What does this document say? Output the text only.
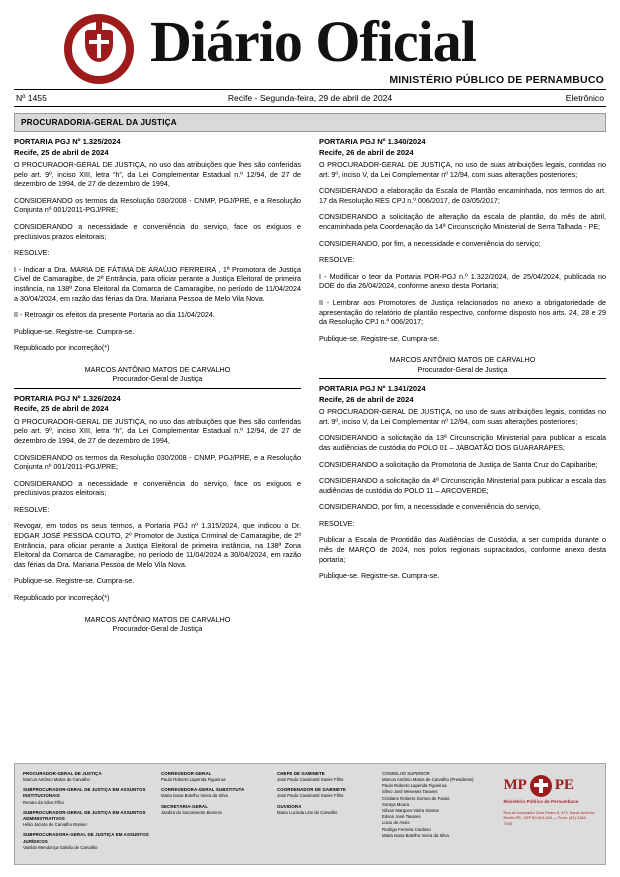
Diário Oficial
MINISTÉRIO PÚBLICO DE PERNAMBUCO
Nº 1455	Recife - Segunda-feira, 29 de abril de 2024	Eletrônico
PROCURADORIA-GERAL DA JUSTIÇA
PORTARIA PGJ Nº 1.325/2024
Recife, 25 de abril de 2024

O PROCURADOR-GERAL DE JUSTIÇA, no uso das atribuições que lhes são conferidas pelo art. 9º, inciso XIII, letra “h”, da Lei Complementar Estadual n.º 12/94, de 27 de dezembro de 1994, de 27 de dezembro de 1994,

CONSIDERANDO os termos da Resolução 030/2008 - CNMP, PGJ/PRE, e a Resolução Conjunta nº 001/2011-PGJ/PRE;

CONSIDERANDO a necessidade e conveniência do serviço, face os exíguos e preclusivos prazos eleitorais;

RESOLVE:

I - Indicar a Dra. MARIA DE FÁTIMA DE ARAÚJO FERREIRA , 1ª Promotora de Justiça Cível de Camaragibe, de 2ª Entrância, para oficiar perante a Justiça Eleitoral de primeira instância, na 138ª Zona Eleitoral da Comarca de Camaragibe, no período de 11/04/2024 a 30/04/2024, em razão das férias da Dra. Mariana Pessoa de Melo Vila Nova.

II - Retroagir os efeitos da presente Portaria ao dia 11/04/2024.

Publique-se. Registre-se. Cumpra-se.

Republicado por incorreção(*)

MARCOS ANTÔNIO MATOS DE CARVALHO
Procurador-Geral de Justiça
PORTARIA PGJ Nº 1.326/2024
Recife, 25 de abril de 2024

O PROCURADOR-GERAL DE JUSTIÇA, no uso das atribuições que lhes são conferidas pelo art. 9º, inciso XIII, letra “h”, da Lei Complementar Estadual n.º 12/94, de 27 de dezembro de 1994, de 27 de dezembro de 1994,

CONSIDERANDO os termos da Resolução 030/2008 - CNMP, PGJ/PRE, e a Resolução Conjunta nº 001/2011-PGJ/PRE;

CONSIDERANDO a necessidade e conveniência do serviço, face os exíguos e preclusivos prazos eleitorais;

RESOLVE:

Revogar, em todos os seus termos, a Portaria PGJ nº 1.315/2024, que indicou o Dr. EDGAR JOSÉ PESSOA COUTO, 2º Promotor de Justiça Criminal de Camaragibe, de 2ª Entrância, para oficiar perante a Justiça Eleitoral de primeira instância, na 138ª Zona Eleitoral da Comarca de Camaragibe, no período de 11/04/2024 a 30/04/2024, em razão das férias da Dra. Mariana Pessoa de Melo Vila Nova.

Publique-se. Registre-se. Cumpra-se.

Republicado por incorreção(*)

MARCOS ANTÔNIO MATOS DE CARVALHO
Procurador-Geral de Justiça
PORTARIA PGJ Nº 1.340/2024
Recife, 26 de abril de 2024

O PROCURADOR-GERAL DE JUSTIÇA, no uso de suas atribuições legais, contidas no art. 9º, inciso V, da Lei Complementar nº 12/94, com suas alterações posteriores;

CONSIDERANDO a elaboração da Escala de Plantão encaminhada, nos termos do art. 17 da Resolução RES CPJ n.º 006/2017, de 03/05/2017;

CONSIDERANDO a solicitação de alteração da escala de plantão, do mês de abril, encaminhada pela Coordenação da 14ª Circunscrição Ministerial de Serra Talhada - PE;

CONSIDERANDO, por fim, a necessidade e conveniência do serviço;

RESOLVE:

I - Modificar o teor da Portaria POR-PGJ n.º 1.322/2024, de 25/04/2024, publicada no DOE do dia 26/04/2024, conforme anexo desta Portaria;

II - Lembrar aos Promotores de Justiça relacionados no anexo a obrigatoriedade de apresentação do relatório de plantão respectivo, conforme disposto nos arts. 24, 28 e 29 da Resolução CPJ n.º 006/2017;

Publique-se. Registre-se. Cumpra-se.

MARCOS ANTÔNIO MATOS DE CARVALHO
Procurador-Geral de Justiça
PORTARIA PGJ Nº 1.341/2024
Recife, 26 de abril de 2024

O PROCURADOR-GERAL DE JUSTIÇA, no uso de suas atribuições legais, contidas no art. 9º, inciso V, da Lei Complementar nº 12/94, com suas alterações posteriores;

CONSIDERANDO a solicitação da 13ª Circunscrição Ministerial para publicar a escala das audiências de custódia do POLO 01 – JABOATÃO DOS GUARARAPES;

CONSIDERANDO a solicitação da Promotoria de Justiça de Santa Cruz do Capibaribe;

CONSIDERANDO a solicitação da 4ª Circunscrição Ministerial para publicar a escala das audiências de custódia do POLO 11 – ARCOVERDE;

CONSIDERANDO, por fim, a necessidade e conveniência do serviço,

RESOLVE:

Publicar a Escala de Prontidão das Audiências de Custódia, a ser cumprida durante o mês de MARÇO de 2024, nos polos regionais supracitados, conforme anexo desta portaria;

Publique-se. Registre-se. Cumpra-se.

PROCURADOR-GERAL DE JUSTIÇA
Marcos Antônio Matos de Carvalho
SUBPROCURADOR-GERAL DE JUSTIÇA EM ASSUNTOS INSTITUCIONAIS
Renato da Silva Filho
SUBPROCURADOR-GERAL DE JUSTIÇA EM ASSUNTOS ADMINISTRATIVOS
Hélio Jacinto de Carvalho Ramier
SUBPROCURADORA-GERAL DE JUSTIÇA EM ASSUNTOS JURÍDICOS
Vanildo Mendonça Galvão de Carvalho
CORREGEDOR-GERAL
Paulo Roberto Lapenda Figueiroa
CORREGEDORA-GERAL SUBSTITUTA
Maria Ivana Botelho Vieira da Silva
SECRETÁRIA-GERAL
Jandira do Sacramento Bezerra
CHEFE DE GABINETE
José Paulo Cavalcanti Xavier Filho
COORDENADOR DE GABINETE
José Paulo Cavalcanti Xavier Filho
OUVIDORA
Maria Lucinda Lins de Carvalho
CONSELHO SUPERIOR
Marcos Antônio Matos de Carvalho (Presidente)
Paulo Roberto Lapenda Figueiroa
Sílvio José Meneses Tavares
Cristiane Roberto Gomes de Farias
Soraya Moura
Gilvan Marques Vieira Santos
Edson José Tavares
Lúcio de Assis
Rodrigo Ferreira Cardoso
Maria Ivana Botelho Vieira da Silva
MP PE
Ministério Público de Pernambuco
Rua do Imperador Dom Pedro II, 473, Santo Antônio, Recife-PE, CEP 50.010-240 — Fone: (81) 3182-7000
